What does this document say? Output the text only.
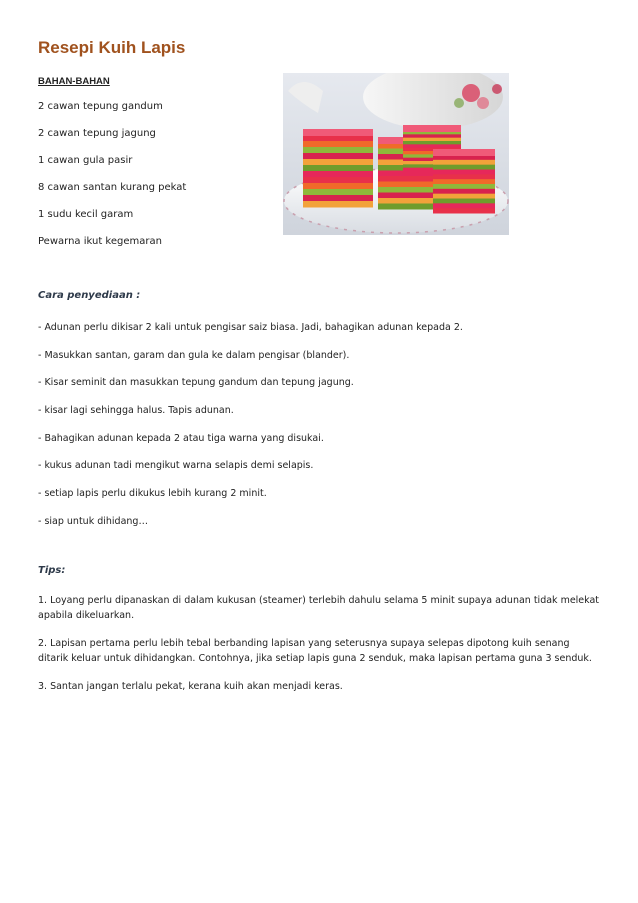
Resepi Kuih Lapis
BAHAN-BAHAN
2 cawan tepung gandum
2 cawan tepung jagung
1 cawan gula pasir
8 cawan santan kurang pekat
1 sudu kecil garam
Pewarna ikut kegemaran
Cara penyediaan :
- Adunan perlu dikisar 2 kali untuk pengisar saiz biasa. Jadi, bahagikan adunan kepada 2.
- Masukkan santan, garam dan gula ke dalam pengisar (blander).
- Kisar seminit dan masukkan tepung gandum dan tepung jagung.
- kisar lagi sehingga halus. Tapis adunan.
- Bahagikan adunan kepada 2 atau tiga warna yang disukai.
- kukus adunan tadi mengikut warna selapis demi selapis.
- setiap lapis perlu dikukus lebih kurang 2 minit.
- siap untuk dihidang…
Tips:
1. Loyang perlu dipanaskan di dalam kukusan (steamer) terlebih dahulu selama 5 minit supaya adunan tidak melekat apabila dikeluarkan.
2. Lapisan pertama perlu lebih tebal berbanding lapisan yang seterusnya supaya selepas dipotong kuih senang ditarik keluar untuk dihidangkan. Contohnya, jika setiap lapis guna 2 senduk, maka lapisan pertama guna 3 senduk.
3. Santan jangan terlalu pekat, kerana kuih akan menjadi keras.
